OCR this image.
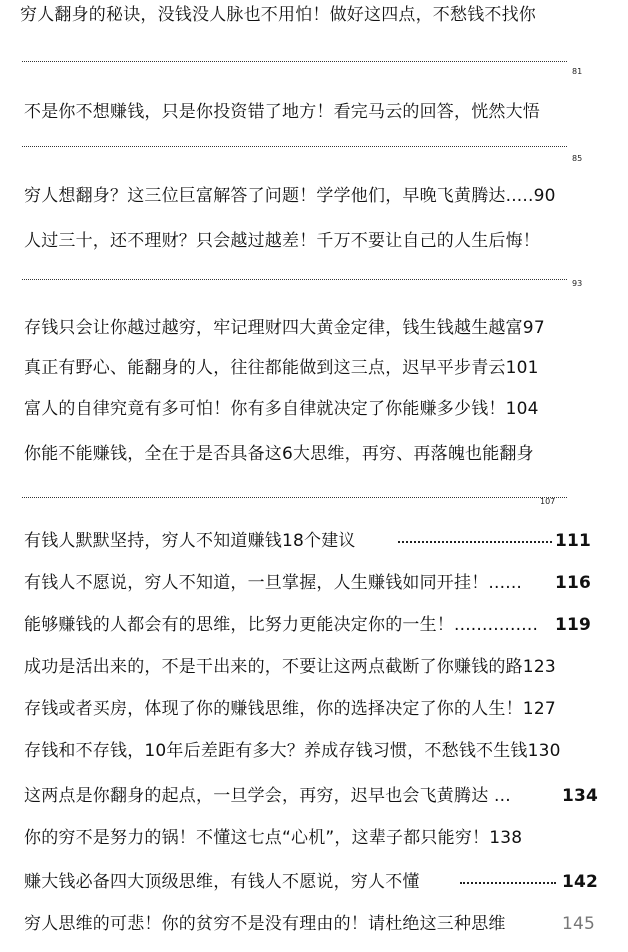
穷人翻身的秘诀，没钱没人脉也不用怕！做好这四点，不愁钱不找你
81
不是你不想赚钱，只是你投资错了地方！看完马云的回答，恍然大悟
85
穷人想翻身？这三位巨富解答了问题！学学他们，早晚飞黄腾达.....90
人过三十，还不理财？只会越过越差！千万不要让自己的人生后悔！
93
存钱只会让你越过越穷，牢记理财四大黄金定律，钱生钱越生越富97
真正有野心、能翻身的人，往往都能做到这三点，迟早平步青云101
富人的自律究竟有多可怕！你有多自律就决定了你能赚多少钱！104
你能不能赚钱，全在于是否具备这6大思维，再穷、再落魄也能翻身
107
有钱人默默坚持，穷人不知道赚钱18个建议	111
有钱人不愿说，穷人不知道，一旦掌握，人生赚钱如同开挂！...... 116
能够赚钱的人都会有的思维，比努力更能决定你的一生！............... 119
成功是活出来的，不是干出来的，不要让这两点截断了你赚钱的路123
存钱或者买房，体现了你的赚钱思维，你的选择决定了你的人生！127
存钱和不存钱，10年后差距有多大？养成存钱习惯，不愁钱不生钱130
这两点是你翻身的起点，一旦学会，再穷，迟早也会飞黄腾达 ...	134
你的穷不是努力的锅！不懂这七点“心机”，这辈子都只能穷！138
赚大钱必备四大顶级思维，有钱人不愿说，穷人不懂	142
穷人思维的可悲！你的贫穷不是没有理由的！请杜绝这三种思维	145
